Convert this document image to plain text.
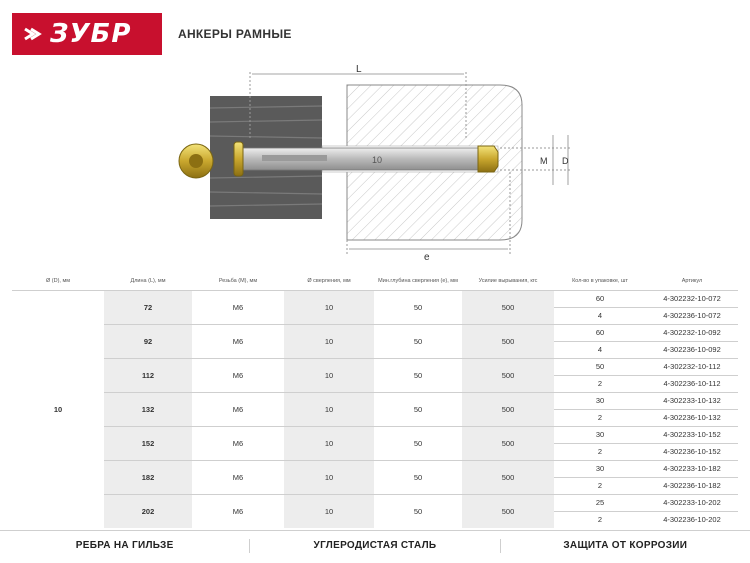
ЗУБР	АНКЕРЫ РАМНЫЕ
10
L
e
M D
Ø (D), мм	Длина (L), мм	Резьба (M), мм	Ø сверления, мм	Мин.глубина сверления (e), мм	Усилие вырывания, кгс	Кол-во в упаковке, шт	Артикул
10	72	M6	10	50	500	60	4-302232-10-072
						4	4-302236-10-072
	92	M6	10	50	500	60	4-302232-10-092
						4	4-302236-10-092
	112	M6	10	50	500	50	4-302232-10-112
						2	4-302236-10-112
	132	M6	10	50	500	30	4-302233-10-132
						2	4-302236-10-132
	152	M6	10	50	500	30	4-302233-10-152
						2	4-302236-10-152
	182	M6	10	50	500	30	4-302233-10-182
						2	4-302236-10-182
	202	M6	10	50	500	25	4-302233-10-202
						2	4-302236-10-202
РЕБРА НА ГИЛЬЗЕ	УГЛЕРОДИСТАЯ СТАЛЬ	ЗАЩИТА ОТ КОРРОЗИИ
